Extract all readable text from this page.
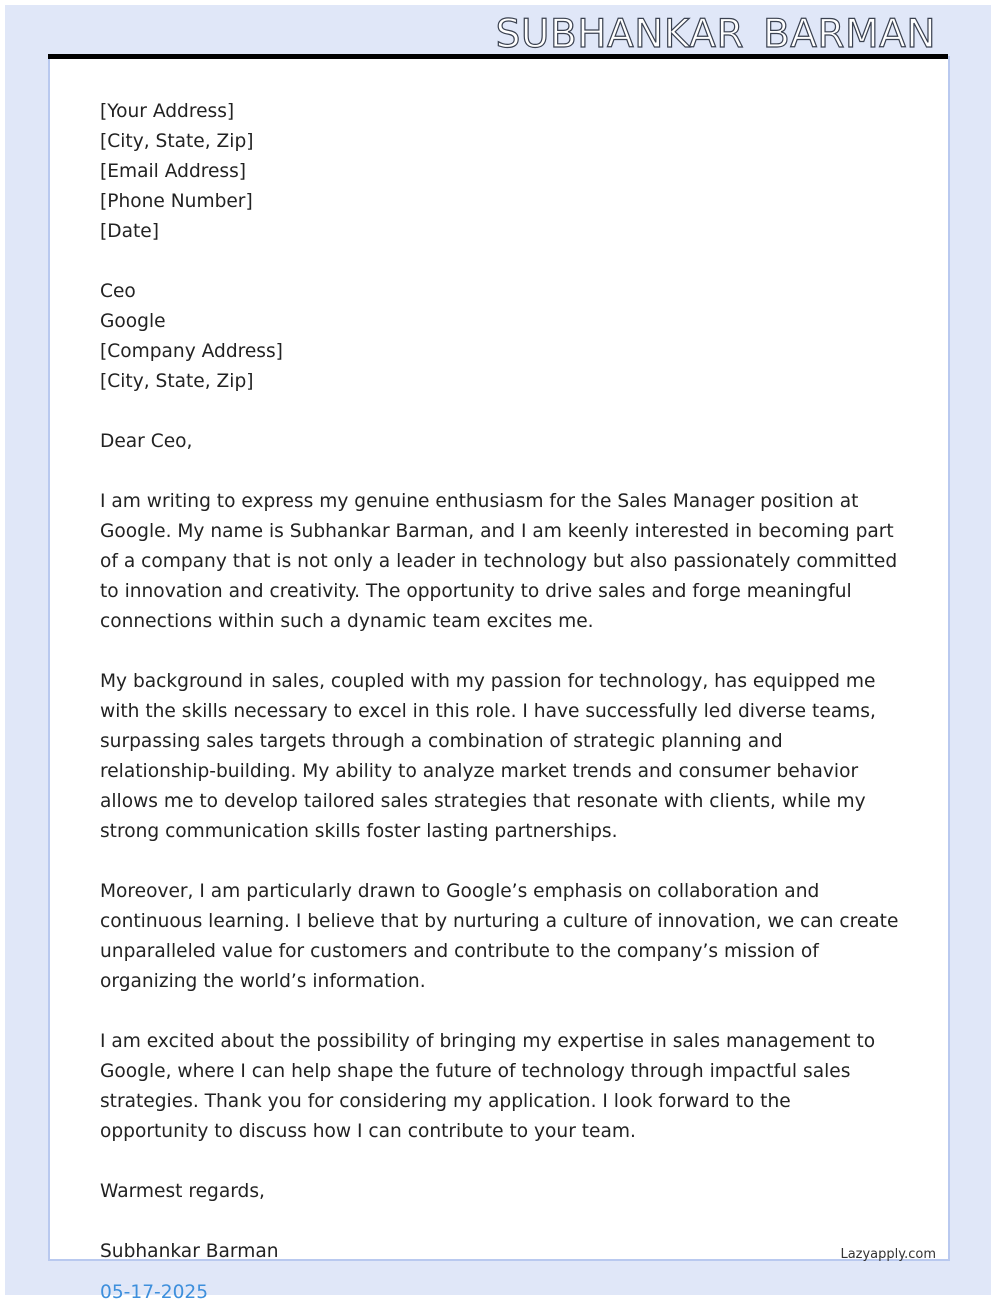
SUBHANKAR BARMAN
[Your Address]
[City, State, Zip]
[Email Address]
[Phone Number]
[Date]
Ceo
Google
[Company Address]
[City, State, Zip]
Dear Ceo,
I am writing to express my genuine enthusiasm for the Sales Manager position at Google. My name is Subhankar Barman, and I am keenly interested in becoming part of a company that is not only a leader in technology but also passionately committed to innovation and creativity. The opportunity to drive sales and forge meaningful connections within such a dynamic team excites me.
My background in sales, coupled with my passion for technology, has equipped me with the skills necessary to excel in this role. I have successfully led diverse teams, surpassing sales targets through a combination of strategic planning and relationship-building. My ability to analyze market trends and consumer behavior allows me to develop tailored sales strategies that resonate with clients, while my strong communication skills foster lasting partnerships.
Moreover, I am particularly drawn to Google’s emphasis on collaboration and continuous learning. I believe that by nurturing a culture of innovation, we can create unparalleled value for customers and contribute to the company’s mission of organizing the world’s information.
I am excited about the possibility of bringing my expertise in sales management to Google, where I can help shape the future of technology through impactful sales strategies. Thank you for considering my application. I look forward to the opportunity to discuss how I can contribute to your team.
Warmest regards,
Subhankar Barman	Lazyapply.com
05-17-2025
